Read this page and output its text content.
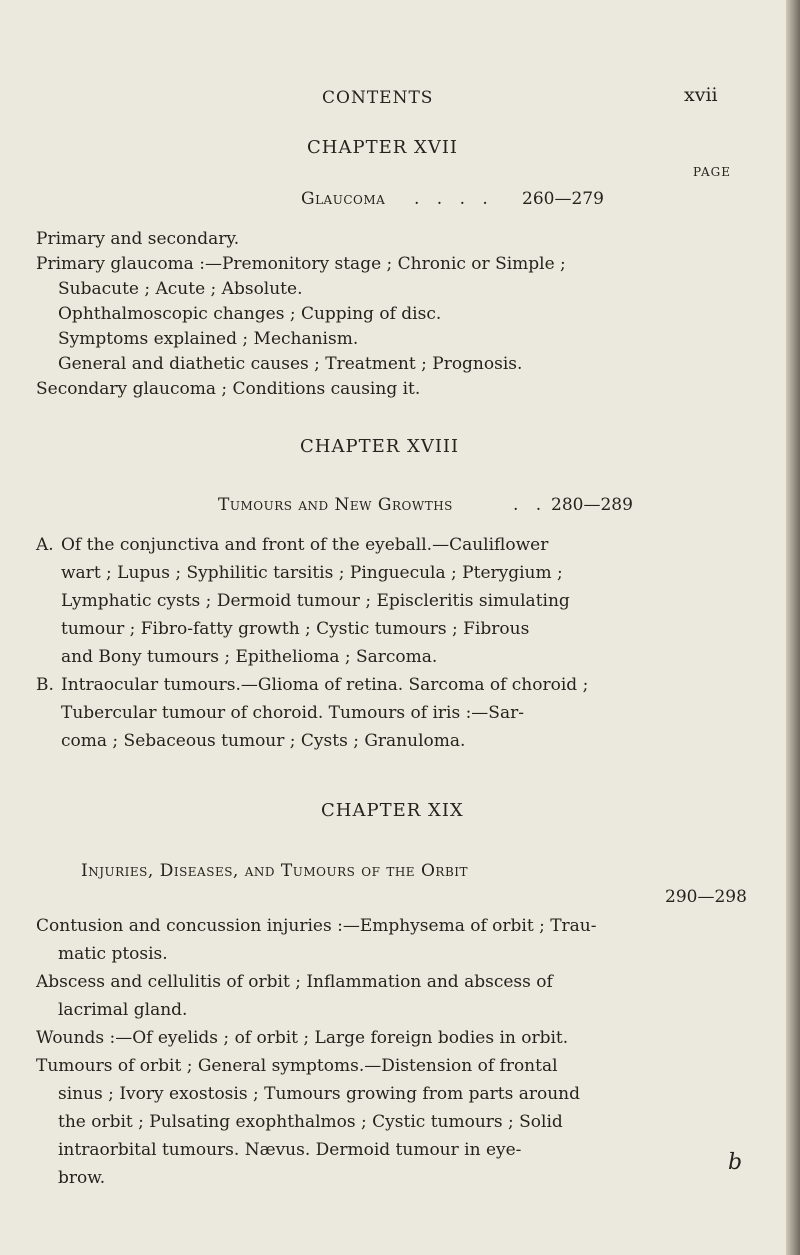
CONTENTS	xvii
CHAPTER XVII
PAGE
Glaucoma . . . . 260—279
Primary and secondary.
Primary glaucoma :—Premonitory stage ; Chronic or Simple ;
Subacute ; Acute ; Absolute.
Ophthalmoscopic changes ; Cupping of disc.
Symptoms explained ; Mechanism.
General and diathetic causes ; Treatment ; Prognosis.
Secondary glaucoma ; Conditions causing it.
CHAPTER XVIII
Tumours and New Growths	. . 280—289
A. Of the conjunctiva and front of the eyeball.—Cauliflower
wart ; Lupus ; Syphilitic tarsitis ; Pinguecula ; Pterygium ;
Lymphatic cysts ; Dermoid tumour ; Episcleritis simulating
tumour ; Fibro-fatty growth ; Cystic tumours ; Fibrous
and Bony tumours ; Epithelioma ; Sarcoma.
B. Intraocular tumours.—Glioma of retina. Sarcoma of choroid ;
Tubercular tumour of choroid. Tumours of iris :—Sar-
coma ; Sebaceous tumour ; Cysts ; Granuloma.
CHAPTER XIX
Injuries, Diseases, and Tumours of the Orbit
290—298
Contusion and concussion injuries :—Emphysema of orbit ; Trau-
matic ptosis.
Abscess and cellulitis of orbit ; Inflammation and abscess of
lacrimal gland.
Wounds :—Of eyelids ; of orbit ; Large foreign bodies in orbit.
Tumours of orbit ; General symptoms.—Distension of frontal
sinus ; Ivory exostosis ; Tumours growing from parts around
the orbit ; Pulsating exophthalmos ; Cystic tumours ; Solid
intraorbital tumours. Nævus. Dermoid tumour in eye-
brow.
b
